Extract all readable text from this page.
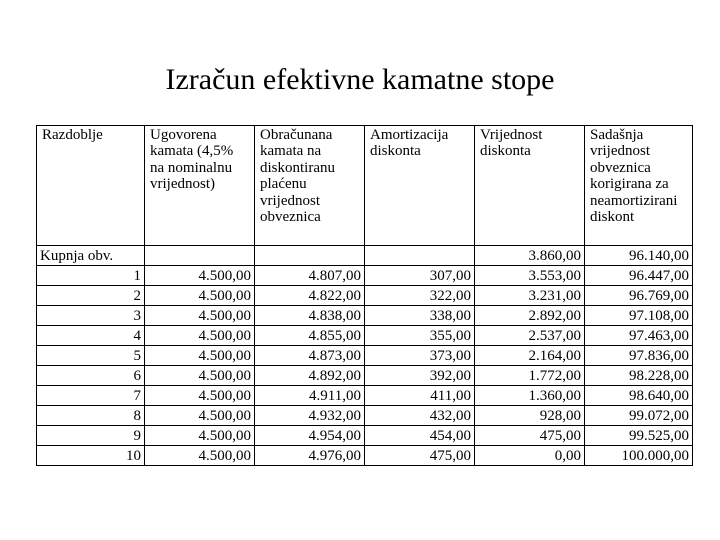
Izračun efektivne kamatne stope
Razdoblje	Ugovorena kamata (4,5% na nominalnu vrijednost)	Obračunana kamata na diskontiranu plaćenu vrijednost obveznica	Amortizacija diskonta	Vrijednost diskonta	Sadašnja vrijednost obveznica korigirana za neamortizirani diskont
Kupnja obv.				3.860,00	96.140,00
1	4.500,00	4.807,00	307,00	3.553,00	96.447,00
2	4.500,00	4.822,00	322,00	3.231,00	96.769,00
3	4.500,00	4.838,00	338,00	2.892,00	97.108,00
4	4.500,00	4.855,00	355,00	2.537,00	97.463,00
5	4.500,00	4.873,00	373,00	2.164,00	97.836,00
6	4.500,00	4.892,00	392,00	1.772,00	98.228,00
7	4.500,00	4.911,00	411,00	1.360,00	98.640,00
8	4.500,00	4.932,00	432,00	928,00	99.072,00
9	4.500,00	4.954,00	454,00	475,00	99.525,00
10	4.500,00	4.976,00	475,00	0,00	100.000,00
